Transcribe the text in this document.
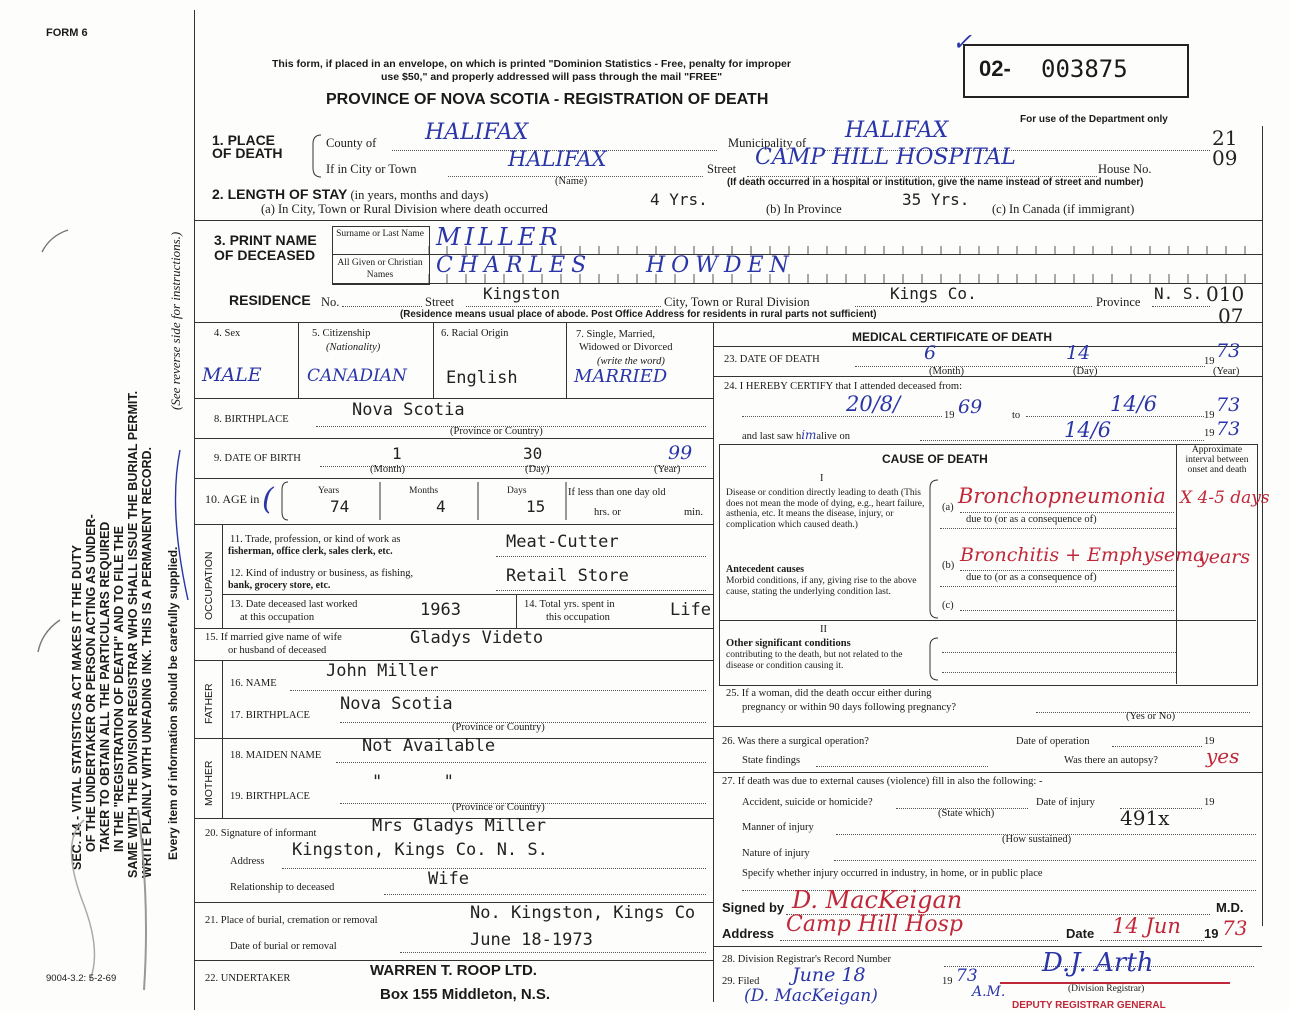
FORM 6
SEC. 14 - VITAL STATISTICS ACT MAKES IT THE DUTY OF THE UNDERTAKER OR PERSON ACTING AS UNDER- TAKER TO OBTAIN ALL THE PARTICULARS REQUIRED IN THE "REGISTRATION OF DEATH" AND TO FILE THE SAME WITH THE DIVISION REGISTRAR WHO SHALL ISSUE THE BURIAL PERMIT. WRITE PLAINLY WITH UNFADING INK. THIS IS A PERMANENT RECORD. Every item of information should be carefully supplied.
(See reverse side for instructions.)
9004-3.2: 5-2-69
This form, if placed in an envelope, on which is printed "Dominion Statistics - Free, penalty for improper
use $50," and properly addressed will pass through the mail "FREE"
PROVINCE OF NOVA SCOTIA - REGISTRATION OF DEATH
✓
02- 003875
For use of the Department only
21
09
010
07
1. PLACE OF DEATH
County of HALIFAX	Municipality of HALIFAX
If in City or Town	HALIFAX	Street CAMP HILL HOSPITAL	House No.
(Name)	(If death occurred in a hospital or institution, give the name instead of street and number)
2. LENGTH OF STAY (in years, months and days)
(a) In City, Town or Rural Division where death occurred	4 Yrs.	(b) In Province	35 Yrs. (c) In Canada (if immigrant)
3. PRINT NAME OF DECEASED
Surname or Last Name
All Given or Christian Names
MILLER
CHARLES HOWDEN
RESIDENCE No.	Street Kingston	City, Town or Rural Division	Kings Co.	Province N. S.
(Residence means usual place of abode. Post Office Address for residents in rural parts not sufficient)
4. Sex
MALE
5. Citizenship
(Nationality)
CANADIAN
6. Racial Origin
English
7. Single, Married,
Widowed or Divorced
(write the word)
MARRIED
8. BIRTHPLACE	Nova Scotia
(Province or Country)
9. DATE OF BIRTH	1	30	99
(Month)	(Day)	(Year)
10. AGE in
Years	Months	Days
74	4	15
(	If less than one day old
hrs. or	min.
OCCUPATION
11. Trade, profession, or kind of work as
fisherman, office clerk, sales clerk, etc.	Meat-Cutter
12. Kind of industry or business, as fishing,
bank, grocery store, etc.	Retail Store
13. Date deceased last worked
at this occupation	1963	14. Total yrs. spent in
this occupation	Life
15. If married give name of wife
or husband of deceased
Gladys Videto
FATHER 16. NAME
John Miller
17. BIRTHPLACE
Nova Scotia
(Province or Country)
MOTHER
18. MAIDEN NAME Not Available
19. BIRTHPLACE
"      "
(Province or Country)
20. Signature of informant	Mrs Gladys Miller
Address
Kingston, Kings Co. N. S.
Relationship to deceased	Wife
21. Place of burial, cremation or removal	No. Kingston, Kings Co
Date of burial or removal	June 18-1973
22. UNDERTAKER	WARREN T. ROOP LTD.
Box 155 Middleton, N.S.
MEDICAL CERTIFICATE OF DEATH
23. DATE OF DEATH	6	14	19 73
(Month)	(Day)	(Year)
24. I HEREBY CERTIFY that I attended deceased from:
20/8/	19 69	to	14/6	19 73
and last saw himalive on	14/6	19 73
CAUSE OF DEATH
Approximate interval between onset and death
I
Disease or condition directly leading to death (This does not mean the mode of dying, e.g., heart failure, asthenia, etc. It means the disease, injury, or complication which caused death.)
Antecedent causes
Morbid conditions, if any, giving rise to the above cause, stating the underlying condition last.
(a) Bronchopneumonia X 4-5 days
due to (or as a consequence of)
(b) Bronchitis + Emphysema
years
due to (or as a consequence of)
(c)
II
Other significant conditions
contributing to the death, but not related to the disease or condition causing it.
25. If a woman, did the death occur either during
pregnancy or within 90 days following pregnancy?
(Yes or No)
26. Was there a surgical operation?	Date of operation	19
State findings	Was there an autopsy? yes
27. If death was due to external causes (violence) fill in also the following: -
Accident, suicide or homicide?	Date of injury	19
(State which)
Manner of injury	491x
(How sustained)
Nature of injury
Specify whether injury occurred in industry, in home, or in public place
Signed by D. MacKeigan	M.D.
Address Camp Hill Hosp	Date 14 Jun 19 73
28. Division Registrar's Record Number
29. Filed June 18	19 73
A.M.
(D. MacKeigan)
D.J. Arth
(Division Registrar)
DEPUTY REGISTRAR GENERAL
